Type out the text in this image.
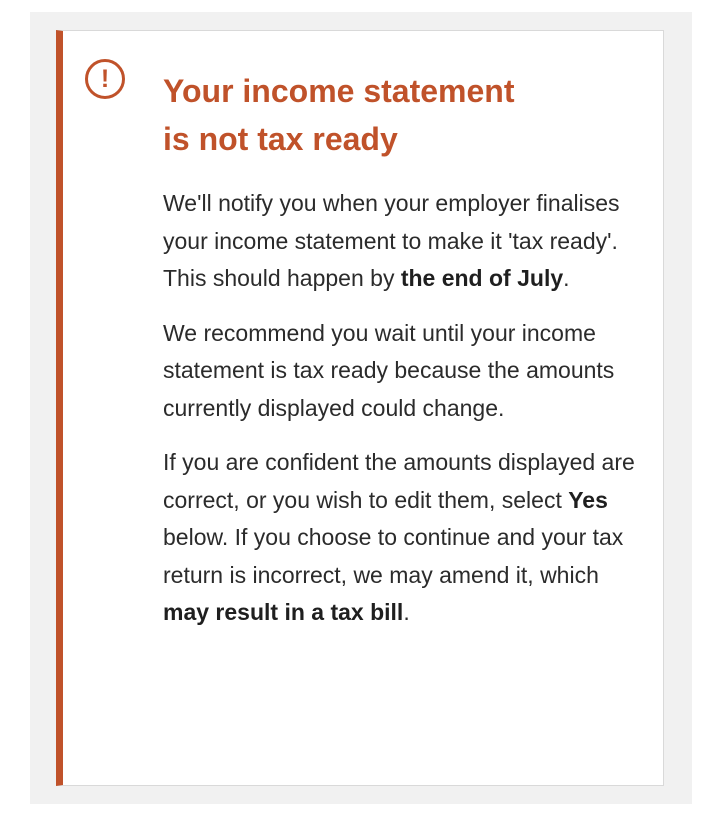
!	Your income statement
is not tax ready

We'll notify you when your employer finalises your income statement to make it 'tax ready'. This should happen by the end of July.

We recommend you wait until your income statement is tax ready because the amounts currently displayed could change.

If you are confident the amounts displayed are correct, or you wish to edit them, select Yes below. If you choose to continue and your tax return is incorrect, we may amend it, which may result in a tax bill.
